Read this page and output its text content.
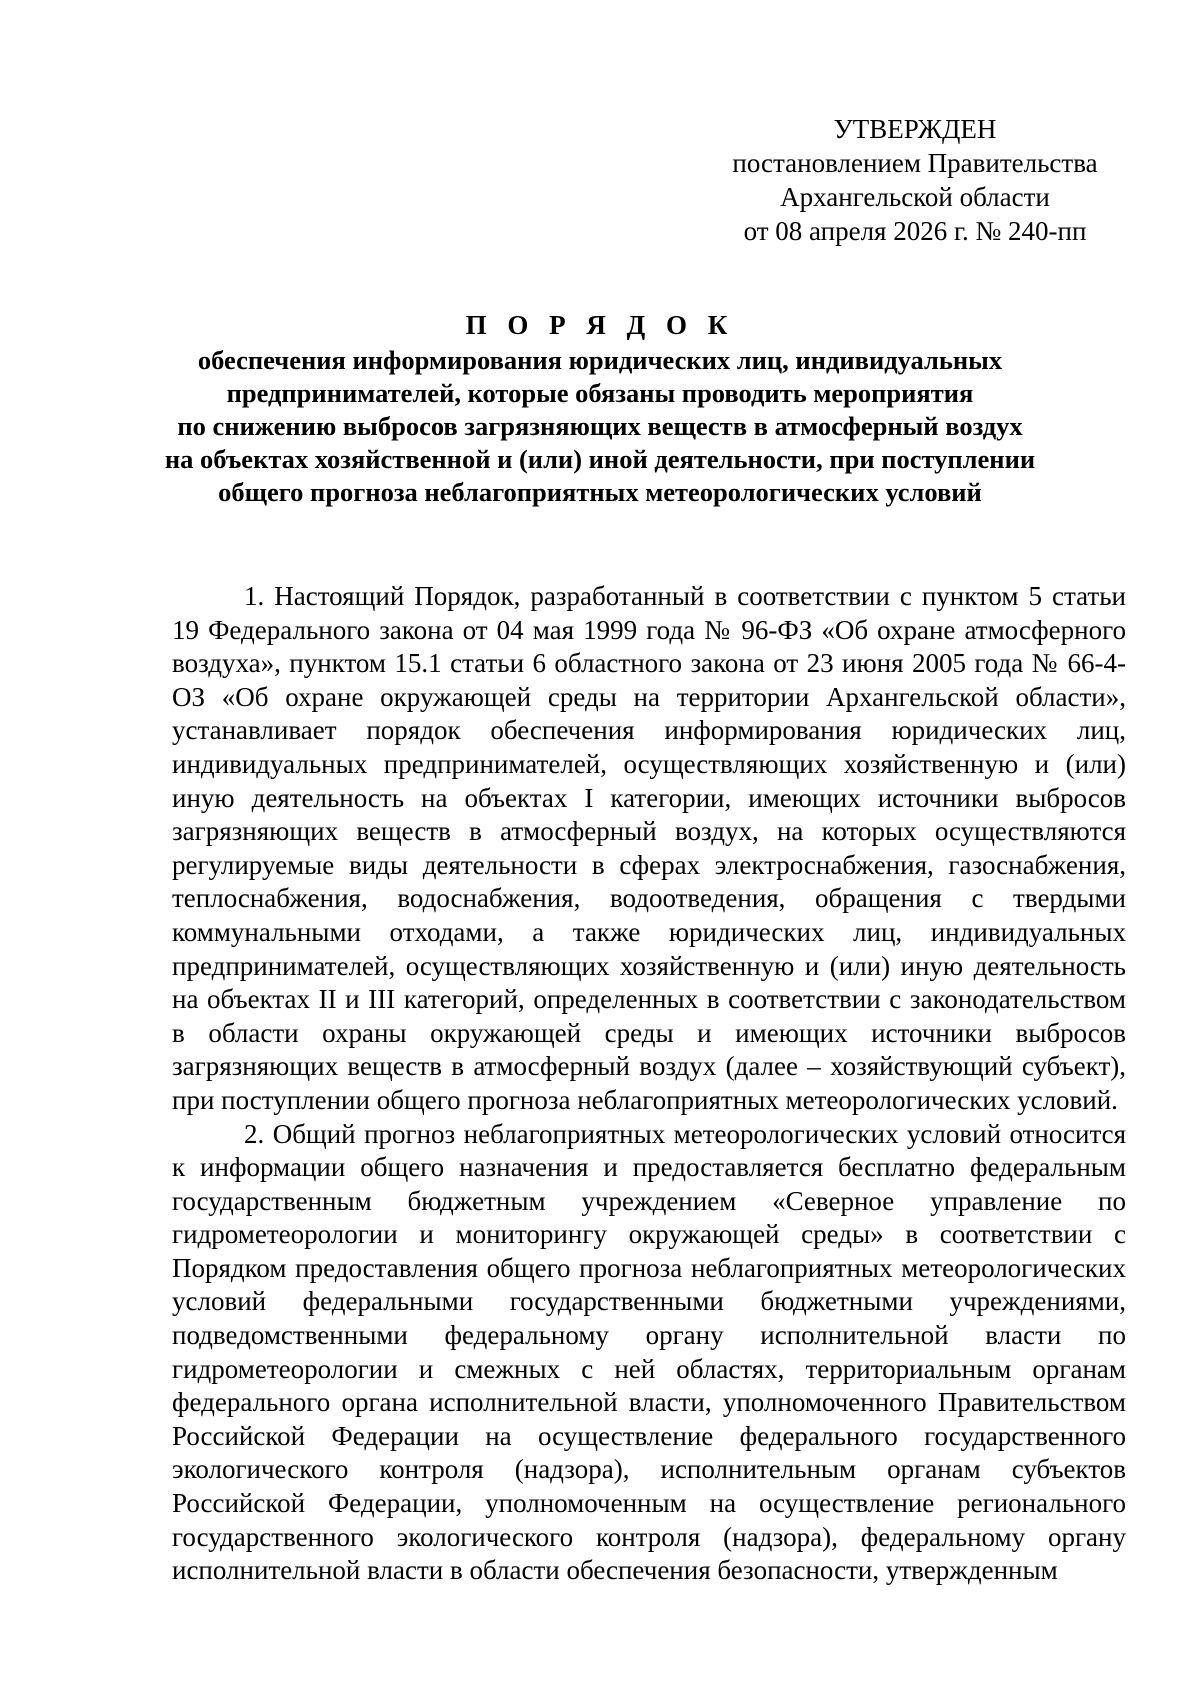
УТВЕРЖДЕН
постановлением Правительства
Архангельской области
от 08 апреля 2026 г. № 240-пп
П О Р Я Д О К
обеспечения информирования юридических лиц, индивидуальных
предпринимателей, которые обязаны проводить мероприятия
по снижению выбросов загрязняющих веществ в атмосферный воздух
на объектах хозяйственной и (или) иной деятельности, при поступлении
общего прогноза неблагоприятных метеорологических условий

1. Настоящий Порядок, разработанный в соответствии с пунктом 5 статьи 19 Федерального закона от 04 мая 1999 года № 96-ФЗ «Об охране атмосферного воздуха», пунктом 15.1 статьи 6 областного закона от 23 июня 2005 года № 66-4-ОЗ «Об охране окружающей среды на территории Архангельской области», устанавливает порядок обеспечения информирования юридических лиц, индивидуальных предпринимателей, осуществляющих хозяйственную и (или) иную деятельность на объектах I категории, имеющих источники выбросов загрязняющих веществ в атмосферный воздух, на которых осуществляются регулируемые виды деятельности в сферах электроснабжения, газоснабжения, теплоснабжения, водоснабжения, водоотведения, обращения с твердыми коммунальными отходами, а также юридических лиц, индивидуальных предпринимателей, осуществляющих хозяйственную и (или) иную деятельность на объектах II и III категорий, определенных в соответствии с законодательством в области охраны окружающей среды и имеющих источники выбросов загрязняющих веществ в атмосферный воздух (далее – хозяйствующий субъект), при поступлении общего прогноза неблагоприятных метеорологических условий.

2. Общий прогноз неблагоприятных метеорологических условий относится к информации общего назначения и предоставляется бесплатно федеральным государственным бюджетным учреждением «Северное управление по гидрометеорологии и мониторингу окружающей среды» в соответствии с Порядком предоставления общего прогноза неблагоприятных метеорологических условий федеральными государственными бюджетными учреждениями, подведомственными федеральному органу исполнительной власти по гидрометеорологии и смежных с ней областях, территориальным органам федерального органа исполнительной власти, уполномоченного Правительством Российской Федерации на осуществление федерального государственного экологического контроля (надзора), исполнительным органам субъектов Российской Федерации, уполномоченным на осуществление регионального государственного экологического контроля (надзора), федеральному органу исполнительной власти в области обеспечения безопасности, утвержденным
